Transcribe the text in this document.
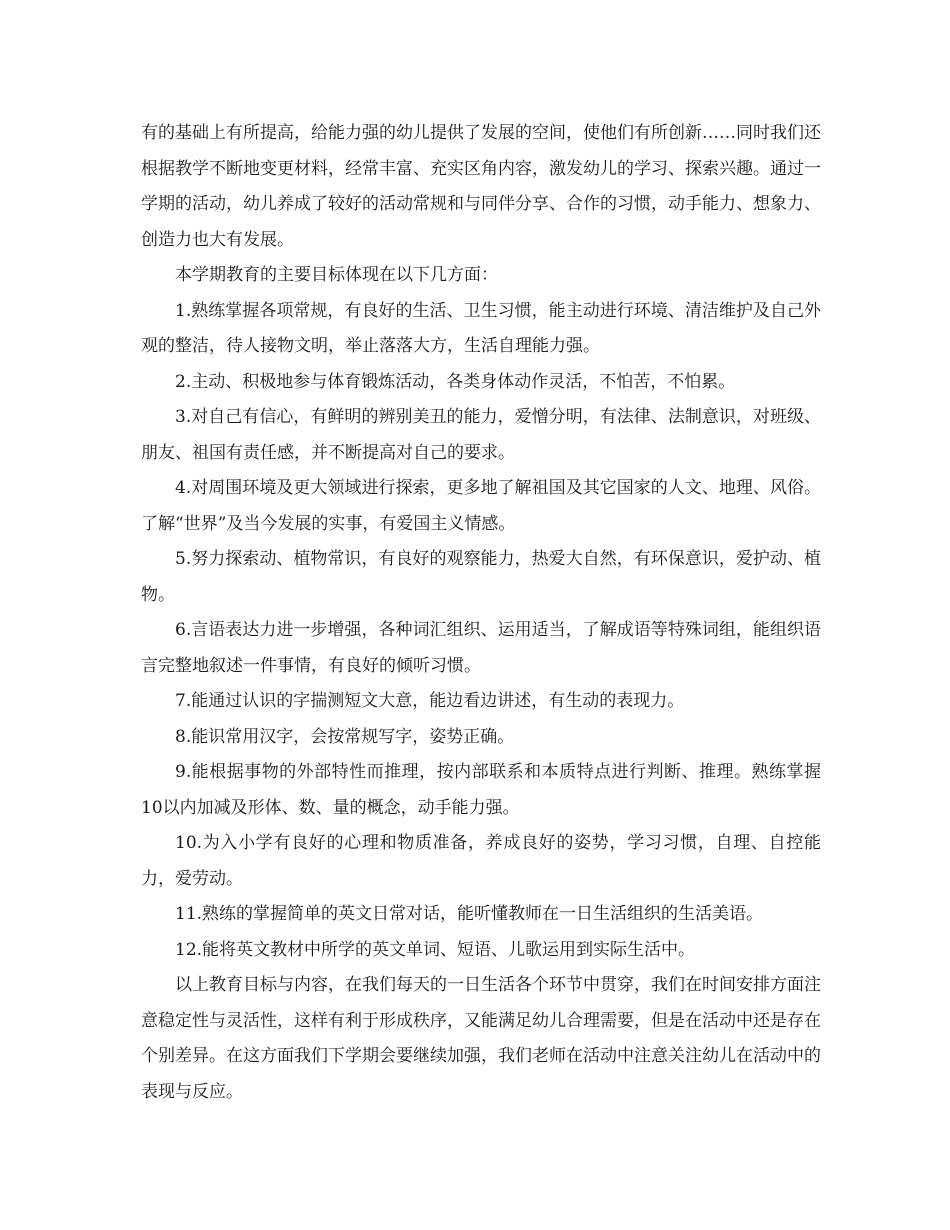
有的基础上有所提高，给能力强的幼儿提供了发展的空间，使他们有所创新……同时我们还根据教学不断地变更材料，经常丰富、充实区角内容，激发幼儿的学习、探索兴趣。通过一学期的活动，幼儿养成了较好的活动常规和与同伴分享、合作的习惯，动手能力、想象力、创造力也大有发展。

本学期教育的主要目标体现在以下几方面：

1.熟练掌握各项常规，有良好的生活、卫生习惯，能主动进行环境、清洁维护及自己外观的整洁，待人接物文明，举止落落大方，生活自理能力强。

2.主动、积极地参与体育锻炼活动，各类身体动作灵活，不怕苦，不怕累。

3.对自己有信心，有鲜明的辨别美丑的能力，爱憎分明，有法律、法制意识，对班级、朋友、祖国有责任感，并不断提高对自己的要求。

4.对周围环境及更大领域进行探索，更多地了解祖国及其它国家的人文、地理、风俗。了解“世界”及当今发展的实事，有爱国主义情感。

5.努力探索动、植物常识，有良好的观察能力，热爱大自然，有环保意识，爱护动、植物。

6.言语表达力进一步增强，各种词汇组织、运用适当，了解成语等特殊词组，能组织语言完整地叙述一件事情，有良好的倾听习惯。

7.能通过认识的字揣测短文大意，能边看边讲述，有生动的表现力。

8.能识常用汉字，会按常规写字，姿势正确。

9.能根据事物的外部特性而推理，按内部联系和本质特点进行判断、推理。熟练掌握10以内加减及形体、数、量的概念，动手能力强。

10.为入小学有良好的心理和物质准备，养成良好的姿势，学习习惯，自理、自控能力，爱劳动。

11.熟练的掌握简单的英文日常对话，能听懂教师在一日生活组织的生活美语。

12.能将英文教材中所学的英文单词、短语、儿歌运用到实际生活中。

以上教育目标与内容，在我们每天的一日生活各个环节中贯穿，我们在时间安排方面注意稳定性与灵活性，这样有利于形成秩序，又能满足幼儿合理需要，但是在活动中还是存在个别差异。在这方面我们下学期会要继续加强，我们老师在活动中注意关注幼儿在活动中的表现与反应。
